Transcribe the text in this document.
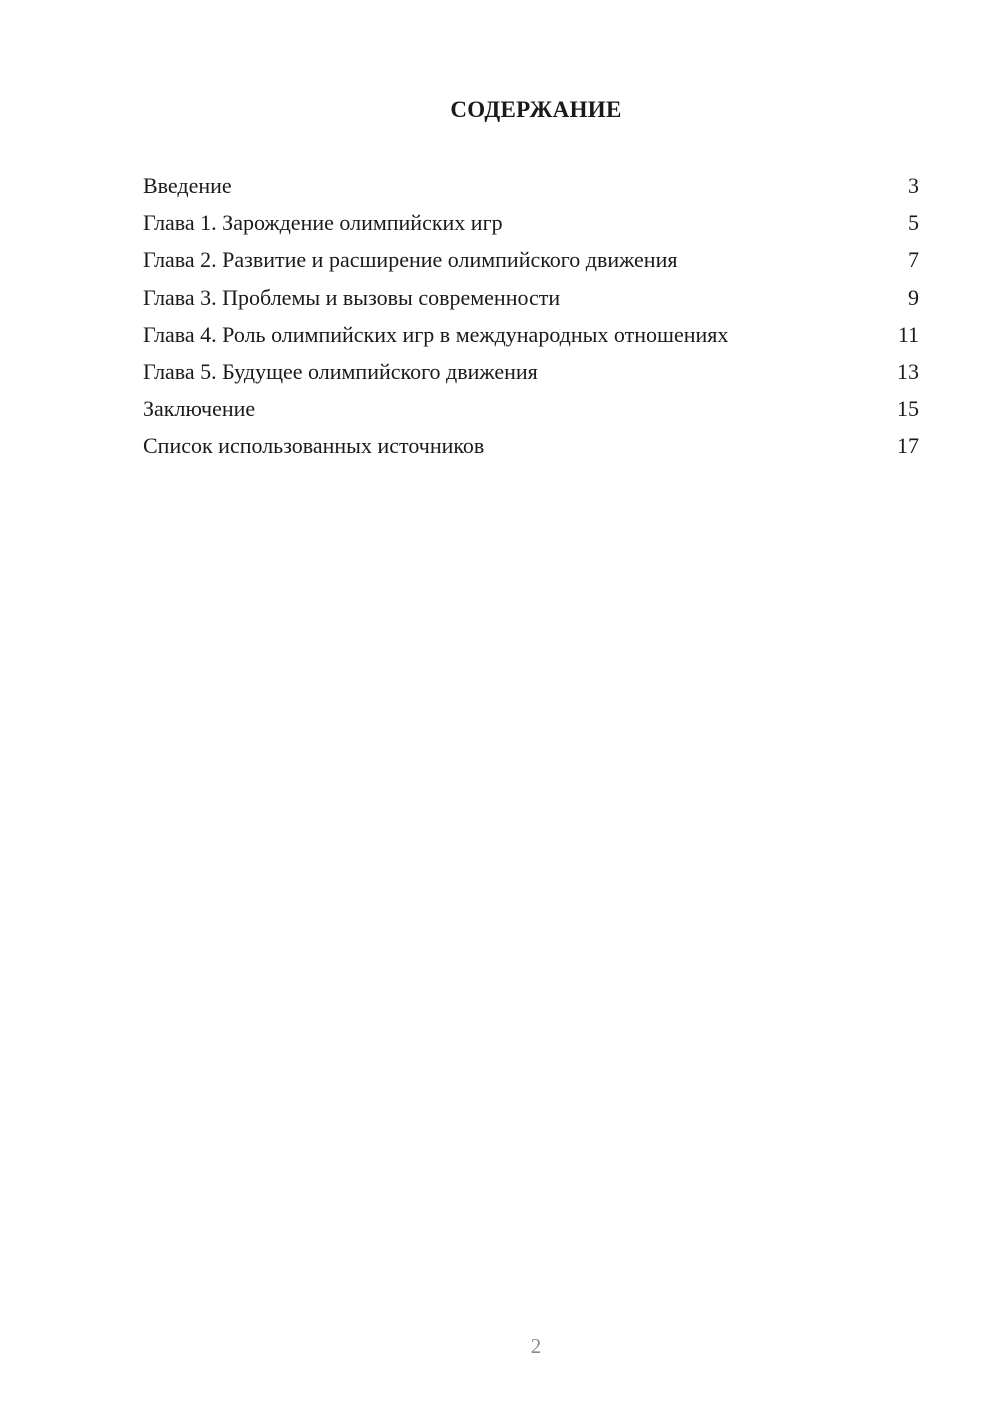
СОДЕРЖАНИЕ
Введение	3
Глава 1. Зарождение олимпийских игр	5
Глава 2. Развитие и расширение олимпийского движения	7
Глава 3. Проблемы и вызовы современности	9
Глава 4. Роль олимпийских игр в международных отношениях	11
Глава 5. Будущее олимпийского движения	13
Заключение	15
Список использованных источников	17
2
